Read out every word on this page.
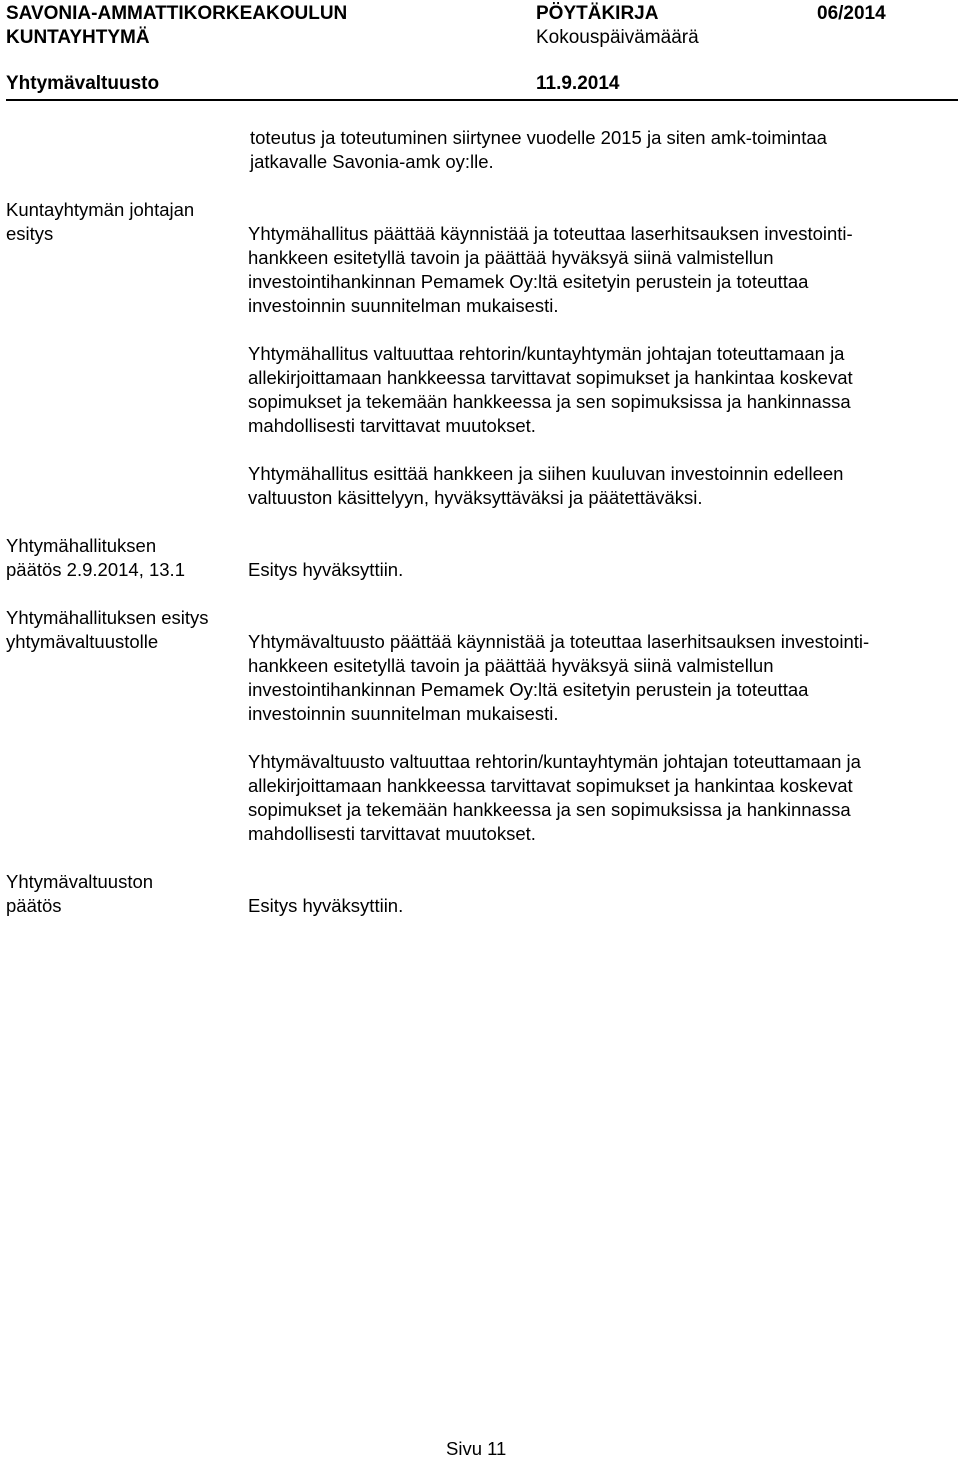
SAVONIA-AMMATTIKORKEAKOULUN
KUNTAYHTYMÄ
PÖYTÄKIRJA
Kokouspäivämäärä
06/2014
Yhtymävaltuusto	11.9.2014
toteutus ja toteutuminen siirtynee vuodelle 2015 ja siten amk-toimintaa
jatkavalle Savonia-amk oy:lle.
Kuntayhtymän johtajan
esitys	Yhtymähallitus päättää käynnistää ja toteuttaa laserhitsauksen investointi-
hankkeen esitetyllä tavoin ja päättää hyväksyä siinä valmistellun
investointihankinnan Pemamek Oy:ltä esitetyin perustein ja toteuttaa
investoinnin suunnitelman mukaisesti.
Yhtymähallitus valtuuttaa rehtorin/kuntayhtymän johtajan toteuttamaan ja
allekirjoittamaan hankkeessa tarvittavat sopimukset ja hankintaa koskevat
sopimukset ja tekemään hankkeessa ja sen sopimuksissa ja hankinnassa
mahdollisesti tarvittavat muutokset.
Yhtymähallitus esittää hankkeen ja siihen kuuluvan investoinnin edelleen
valtuuston käsittelyyn, hyväksyttäväksi ja päätettäväksi.
Yhtymähallituksen
päätös 2.9.2014, 13.1	Esitys hyväksyttiin.
Yhtymähallituksen esitys
yhtymävaltuustolle	Yhtymävaltuusto päättää käynnistää ja toteuttaa laserhitsauksen investointi-
hankkeen esitetyllä tavoin ja päättää hyväksyä siinä valmistellun
investointihankinnan Pemamek Oy:ltä esitetyin perustein ja toteuttaa
investoinnin suunnitelman mukaisesti.
Yhtymävaltuusto valtuuttaa rehtorin/kuntayhtymän johtajan toteuttamaan ja
allekirjoittamaan hankkeessa tarvittavat sopimukset ja hankintaa koskevat
sopimukset ja tekemään hankkeessa ja sen sopimuksissa ja hankinnassa
mahdollisesti tarvittavat muutokset.
Yhtymävaltuuston
päätös	Esitys hyväksyttiin.
Sivu 11
